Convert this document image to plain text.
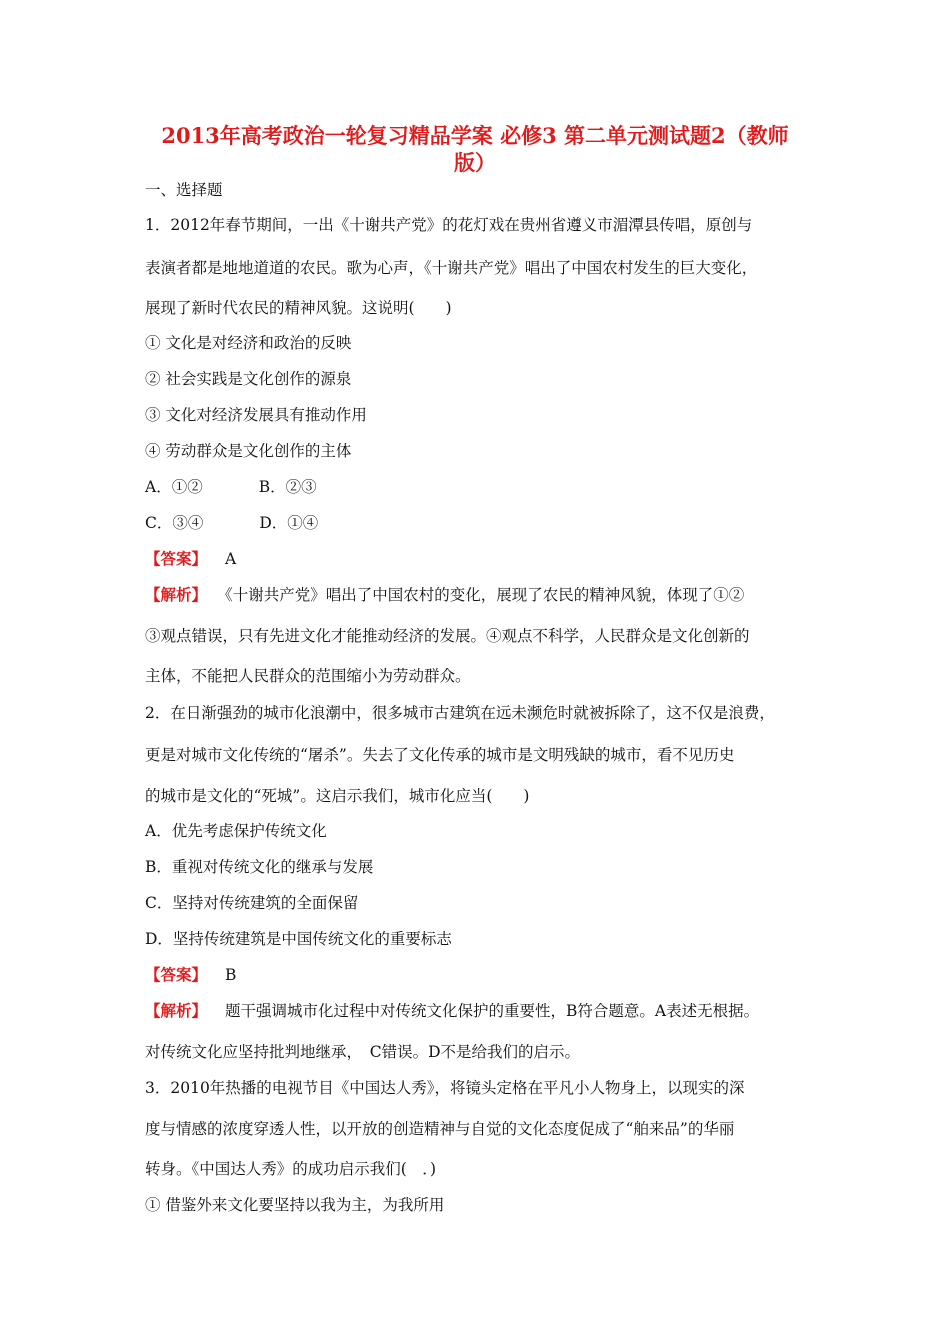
2013年高考政治一轮复习精品学案 必修3 第二单元测试题2（教师
版）
一、选择题
1．2012年春节期间，一出《十谢共产党》的花灯戏在贵州省遵义市湄潭县传唱，原创与
表演者都是地地道道的农民。歌为心声，《十谢共产党》唱出了中国农村发生的巨大变化，
展现了新时代农民的精神风貌。这说明(　　)
① 文化是对经济和政治的反映
② 社会实践是文化创作的源泉
③ 文化对经济发展具有推动作用
④ 劳动群众是文化创作的主体
A．①②	B．②③
C．③④	D．①④
【答案】 A
【解析】 《十谢共产党》唱出了中国农村的变化，展现了农民的精神风貌，体现了①②
③观点错误，只有先进文化才能推动经济的发展。④观点不科学，人民群众是文化创新的
主体，不能把人民群众的范围缩小为劳动群众。
2．在日渐强劲的城市化浪潮中，很多城市古建筑在远未濒危时就被拆除了，这不仅是浪费，
更是对城市文化传统的“屠杀”。失去了文化传承的城市是文明残缺的城市，看不见历史
的城市是文化的“死城”。这启示我们，城市化应当(　　)
A．优先考虑保护传统文化
B．重视对传统文化的继承与发展
C．坚持对传统建筑的全面保留
D．坚持传统建筑是中国传统文化的重要标志
【答案】 B
【解析】 题干强调城市化过程中对传统文化保护的重要性，B符合题意。A表述无根据。
对传统文化应坚持批判地继承，　C错误。D不是给我们的启示。
3．2010年热播的电视节目《中国达人秀》，将镜头定格在平凡小人物身上，以现实的深
度与情感的浓度穿透人性，以开放的创造精神与自觉的文化态度促成了“舶来品”的华丽
转身。《中国达人秀》的成功启示我们(　．)
① 借鉴外来文化要坚持以我为主，为我所用
